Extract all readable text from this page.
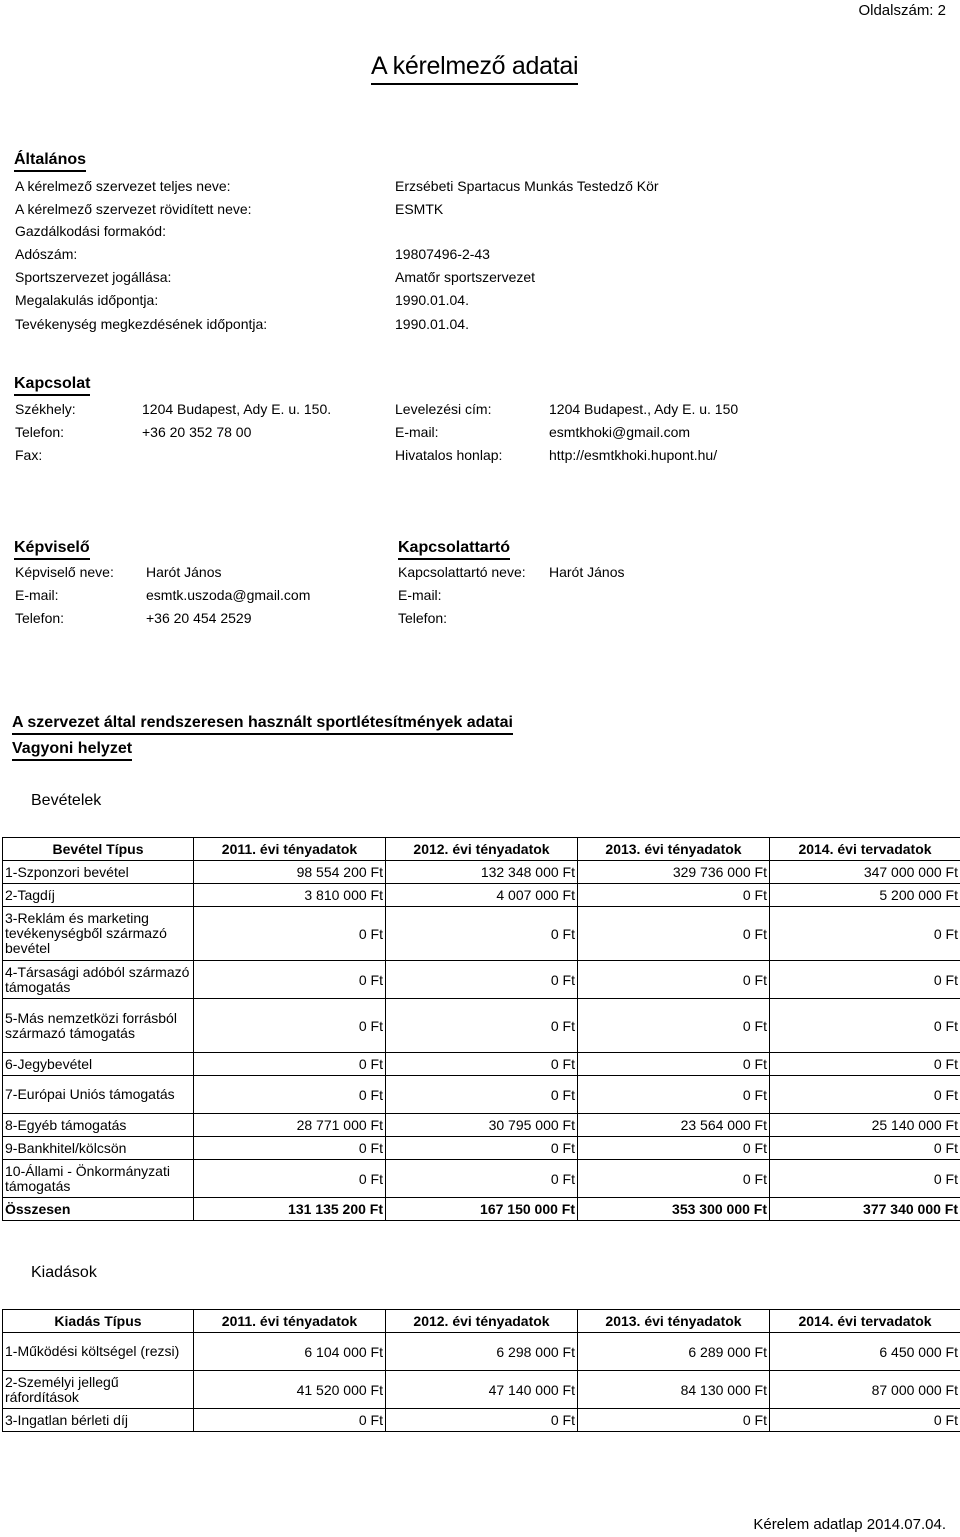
Oldalszám: 2
A kérelmező adatai
Általános
A kérelmező szervezet teljes neve:	Erzsébeti Spartacus Munkás Testedző Kör
A kérelmező szervezet rövidített neve:	ESMTK
Gazdálkodási formakód:
Adószám:	19807496-2-43
Sportszervezet jogállása:	Amatőr sportszervezet
Megalakulás időpontja:	1990.01.04.
Tevékenység megkezdésének időpontja:	1990.01.04.
Kapcsolat
Székhely:	1204 Budapest, Ady E. u. 150.
Telefon:	+36 20 352 78 00
Fax:
Levelezési cím:	1204 Budapest., Ady E. u. 150
E-mail:	esmtkhoki@gmail.com
Hivatalos honlap:	http://esmtkhoki.hupont.hu/
Képviselő
Képviselő neve: Harót János
E-mail:	esmtk.uszoda@gmail.com
Telefon:	+36 20 454 2529
Kapcsolattartó
Kapcsolattartó neve: Harót János
E-mail:
Telefon:
A szervezet által rendszeresen használt sportlétesítmények adatai
Vagyoni helyzet
Bevételek
Bevétel Típus	2011. évi tényadatok	2012. évi tényadatok	2013. évi tényadatok	2014. évi tervadatok
1-Szponzori bevétel	98 554 200 Ft	132 348 000 Ft	329 736 000 Ft	347 000 000 Ft
2-Tagdíj	3 810 000 Ft	4 007 000 Ft	0 Ft	5 200 000 Ft
3-Reklám és marketing tevékenységből származó bevétel	0 Ft	0 Ft	0 Ft	0 Ft
4-Társasági adóból származó támogatás	0 Ft	0 Ft	0 Ft	0 Ft
5-Más nemzetközi forrásból származó támogatás	0 Ft	0 Ft	0 Ft	0 Ft
6-Jegybevétel	0 Ft	0 Ft	0 Ft	0 Ft
7-Európai Uniós támogatás	0 Ft	0 Ft	0 Ft	0 Ft
8-Egyéb támogatás	28 771 000 Ft	30 795 000 Ft	23 564 000 Ft	25 140 000 Ft
9-Bankhitel/kölcsön	0 Ft	0 Ft	0 Ft	0 Ft
10-Állami - Önkormányzati támogatás	0 Ft	0 Ft	0 Ft	0 Ft
Összesen	131 135 200 Ft	167 150 000 Ft	353 300 000 Ft	377 340 000 Ft
Kiadások
Kiadás Típus	2011. évi tényadatok	2012. évi tényadatok	2013. évi tényadatok	2014. évi tervadatok
1-Működési költségel (rezsi)	6 104 000 Ft	6 298 000 Ft	6 289 000 Ft	6 450 000 Ft
2-Személyi jellegű ráfordítások	41 520 000 Ft	47 140 000 Ft	84 130 000 Ft	87 000 000 Ft
3-Ingatlan bérleti díj	0 Ft	0 Ft	0 Ft	0 Ft
Kérelem adatlap 2014.07.04.
